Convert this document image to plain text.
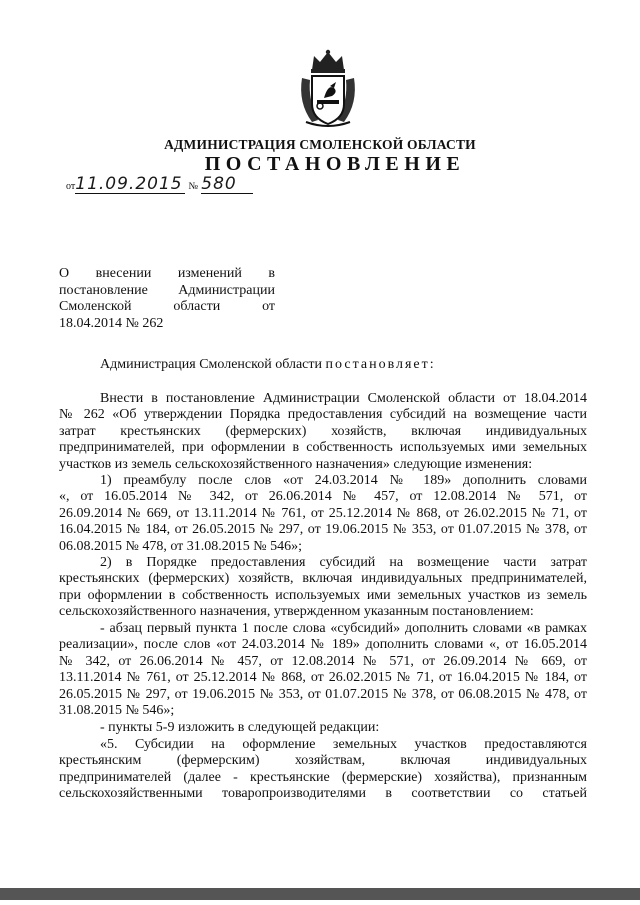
АДМИНИСТРАЦИЯ СМОЛЕНСКОЙ ОБЛАСТИ
ПОСТАНОВЛЕНИЕ
от11.09.2015 № 580
О внесении изменений в
постановление Администрации
Смоленской области от
18.04.2014 № 262
Администрация Смоленской области постановляет:
Внести в постановление Администрации Смоленской области от 18.04.2014
№ 262 «Об утверждении Порядка предоставления субсидий на возмещение части
затрат крестьянских (фермерских) хозяйств, включая индивидуальных
предпринимателей, при оформлении в собственность используемых ими земельных
участков из земель сельскохозяйственного назначения» следующие изменения:
1) преамбулу после слов «от 24.03.2014 № 189» дополнить словами
«, от 16.05.2014 № 342, от 26.06.2014 № 457, от 12.08.2014 № 571, от
26.09.2014 № 669, от 13.11.2014 № 761, от 25.12.2014 № 868, от 26.02.2015 № 71, от
16.04.2015 № 184, от 26.05.2015 № 297, от 19.06.2015 № 353, от 01.07.2015 № 378, от
06.08.2015 № 478, от 31.08.2015 № 546»;
2) в Порядке предоставления субсидий на возмещение части затрат
крестьянских (фермерских) хозяйств, включая индивидуальных предпринимателей,
при оформлении в собственность используемых ими земельных участков из земель
сельскохозяйственного назначения, утвержденном указанным постановлением:
- абзац первый пункта 1 после слова «субсидий» дополнить словами «в рамках
реализации», после слов «от 24.03.2014 № 189» дополнить словами «, от 16.05.2014
№ 342, от 26.06.2014 № 457, от 12.08.2014 № 571, от 26.09.2014 № 669, от
13.11.2014 № 761, от 25.12.2014 № 868, от 26.02.2015 № 71, от 16.04.2015 № 184, от
26.05.2015 № 297, от 19.06.2015 № 353, от 01.07.2015 № 378, от 06.08.2015 № 478, от
31.08.2015 № 546»;
- пункты 5-9 изложить в следующей редакции:
«5. Субсидии на оформление земельных участков предоставляются
крестьянским (фермерским) хозяйствам, включая индивидуальных
предпринимателей (далее - крестьянские (фермерские) хозяйства), признанным
сельскохозяйственными товаропроизводителями в соответствии со статьей
